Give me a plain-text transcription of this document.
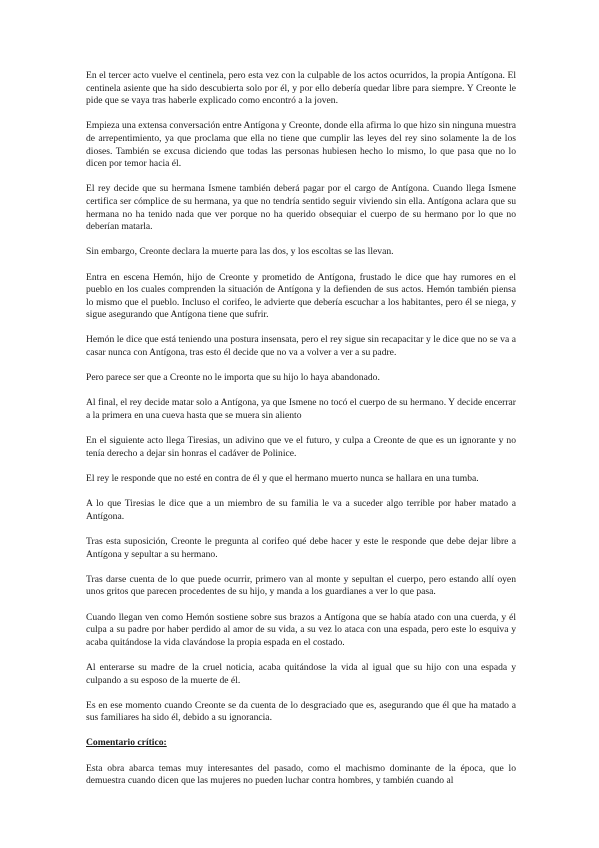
En el tercer acto vuelve el centinela, pero esta vez con la culpable de los actos ocurridos, la propia Antígona. El centinela asiente que ha sido descubierta solo por él, y por ello debería quedar libre para siempre. Y Creonte le pide que se vaya tras haberle explicado como encontró a la joven.

Empieza una extensa conversación entre Antígona y Creonte, donde ella afirma lo que hizo sin ninguna muestra de arrepentimiento, ya que proclama que ella no tiene que cumplir las leyes del rey sino solamente la de los dioses. También se excusa diciendo que todas las personas hubiesen hecho lo mismo, lo que pasa que no lo dicen por temor hacia él.

El rey decide que su hermana Ismene también deberá pagar por el cargo de Antígona. Cuando llega Ismene certifica ser cómplice de su hermana, ya que no tendría sentido seguir viviendo sin ella. Antígona aclara que su hermana no ha tenido nada que ver porque no ha querido obsequiar el cuerpo de su hermano por lo que no deberían matarla.

Sin embargo, Creonte declara la muerte para las dos, y los escoltas se las llevan.

Entra en escena Hemón, hijo de Creonte y prometido de Antígona, frustado le dice que hay rumores en el pueblo en los cuales comprenden la situación de Antígona y la defienden de sus actos. Hemón también piensa lo mismo que el pueblo. Incluso el corifeo, le advierte que debería escuchar a los habitantes, pero él se niega, y sigue asegurando que Antígona tiene que sufrir.

Hemón le dice que está teniendo una postura insensata, pero el rey sigue sin recapacitar y le dice que no se va a casar nunca con Antígona, tras esto él decide que no va a volver a ver a su padre.

Pero parece ser que a Creonte no le importa que su hijo lo haya abandonado.

Al final, el rey decide matar solo a Antígona, ya que Ismene no tocó el cuerpo de su hermano. Y decide encerrar a la primera en una cueva hasta que se muera sin aliento

En el siguiente acto llega Tiresias, un adivino que ve el futuro, y culpa a Creonte de que es un ignorante y no tenía derecho a dejar sin honras el cadáver de Polinice.

El rey le responde que no esté en contra de él y que el hermano muerto nunca se hallara en una tumba.

A lo que Tiresias le dice que a un miembro de su familia le va a suceder algo terrible por haber matado a Antígona.

Tras esta suposición, Creonte le pregunta al corifeo qué debe hacer y este le responde que debe dejar libre a Antígona y sepultar a su hermano.

Tras darse cuenta de lo que puede ocurrir, primero van al monte y sepultan el cuerpo, pero estando allí oyen unos gritos que parecen procedentes de su hijo, y manda a los guardianes a ver lo que pasa.

Cuando llegan ven como Hemón sostiene sobre sus brazos a Antígona que se había atado con una cuerda, y él culpa a su padre por haber perdido al amor de su vida, a su vez lo ataca con una espada, pero este lo esquiva y acaba quitándose la vida clavándose la propia espada en el costado.

Al enterarse su madre de la cruel noticia, acaba quitándose la vida al igual que su hijo con una espada y culpando a su esposo de la muerte de él.

Es en ese momento cuando Creonte se da cuenta de lo desgraciado que es, asegurando que él que ha matado a sus familiares ha sido él, debido a su ignorancia.

Comentario crítico:

Esta obra abarca temas muy interesantes del pasado, como el machismo dominante de la época, que lo demuestra cuando dicen que las mujeres no pueden luchar contra hombres, y también cuando al
